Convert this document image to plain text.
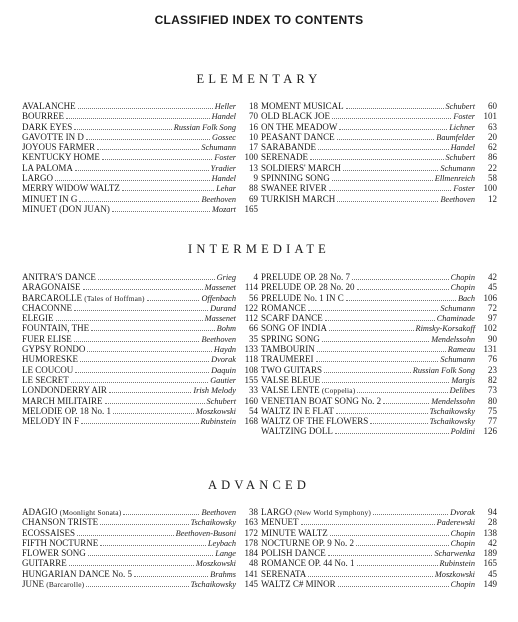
CLASSIFIED INDEX TO CONTENTS
ELEMENTARY
AVALANCHE	Heller	18
BOURREE	Handel	70
DARK EYES	Russian Folk Song	16
GAVOTTE IN D	Gossec	10
JOYOUS FARMER	Schumann	17
KENTUCKY HOME	Foster 100
LA PALOMA	Yradier	13
LARGO	Handel	9
MERRY WIDOW WALTZ	Lehar	88
MINUET IN G	Beethoven	69
MINUET (DON JUAN)	Mozart 165
MOMENT MUSICAL	Schubert	60
OLD BLACK JOE	Foster 101
ON THE MEADOW	Lichner	63
PEASANT DANCE	Baumfelder	20
SARABANDE	Handel	62
SERENADE	Schubert	86
SOLDIERS' MARCH	Schumann	22
SPINNING SONG	Ellmenreich	58
SWANEE RIVER	Foster 100
TURKISH MARCH	Beethoven	12
INTERMEDIATE
ANITRA'S DANCE	Grieg	4
ARAGONAISE	Massenet 114
BARCAROLLE (Tales of Hoffman)	Offenbach	56
CHACONNE	Durand 122
ELEGIE	Massenet 112
FOUNTAIN, THE	Bohm	66
FUER ELISE	Beethoven	35
GYPSY RONDO	Haydn 133
HUMORESKE	Dvorak 118
LE COUCOU	Daquin 108
LE SECRET	Gautier 155
LONDONDERRY AIR	Irish Melody	33
MARCH MILITAIRE	Schubert 160
MELODIE OP. 18 No. 1	Moszkowski	54
MELODY IN F	Rubinstein 168
PRELUDE OP. 28 No. 7	Chopin	42
PRELUDE OP. 28 No. 20	Chopin	45
PRELUDE No. 1 IN C	Bach 106
ROMANCE	Schumann	72
SCARF DANCE	Chaminade	97
SONG OF INDIA	Rimsky-Korsakoff 102
SPRING SONG	Mendelssohn	90
TAMBOURIN	Rameau 131
TRAUMEREI	Schumann	76
TWO GUITARS	Russian Folk Song	23
VALSE BLEUE	Margis	82
VALSE LENTE (Coppelia)	Delibes	73
VENETIAN BOAT SONG No. 2	Mendelssohn	80
WALTZ IN E FLAT	Tschaikowsky	75
WALTZ OF THE FLOWERS	Tschaikowsky	77
WALTZING DOLL	Poldini 126
ADVANCED
ADAGIO (Moonlight Sonata)	Beethoven	38
CHANSON TRISTE	Tschaikowsky 163
ECOSSAISES	Beethoven-Busoni 172
FIFTH NOCTURNE	Leybach 178
FLOWER SONG	Lange 184
GUITARRE	Moszkowski	48
HUNGARIAN DANCE No. 5	Brahms 141
JUNE (Barcarolle)	Tschaikowsky 145
LARGO (New World Symphony)	Dvorak	94
MENUET	Paderewski	28
MINUTE WALTZ	Chopin 138
NOCTURNE OP. 9 No. 2	Chopin	42
POLISH DANCE	Scharwenka 189
ROMANCE OP. 44 No. 1	Rubinstein 165
SERENATA	Moszkowski	45
WALTZ C# MINOR	Chopin 149
